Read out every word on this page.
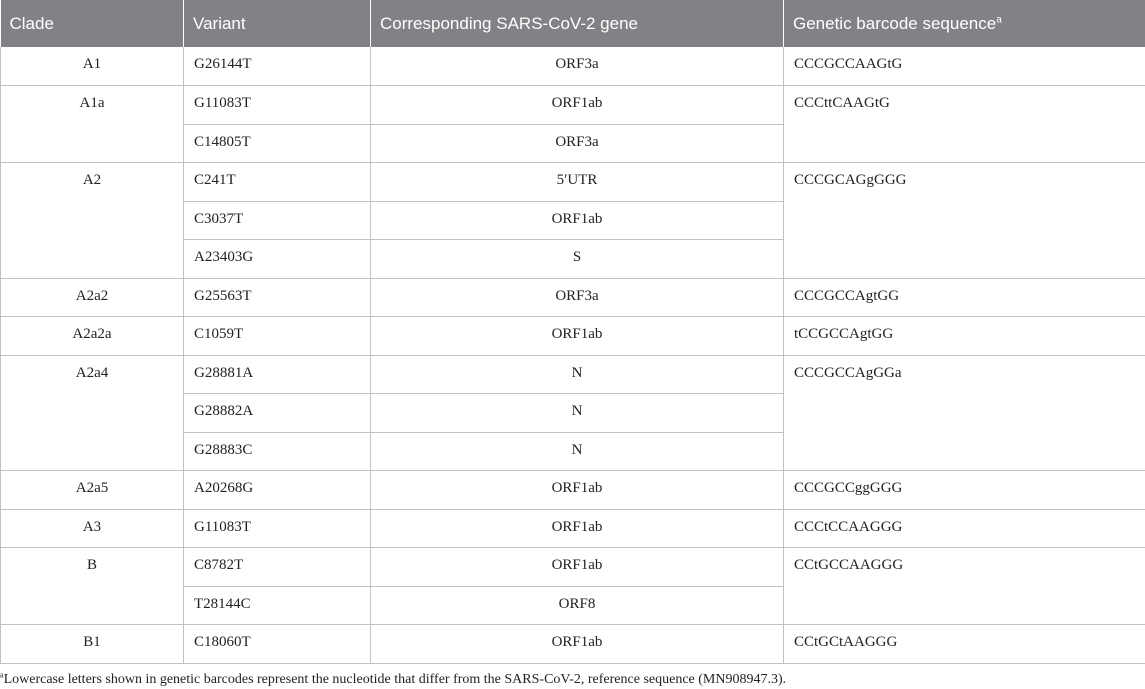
Clade	Variant	Corresponding SARS-CoV-2 gene	Genetic barcode sequence$^a$
A1	G26144T	ORF3a	CCCGCCAAGtG
A1a	G11083T	ORF1ab	CCCttCAAGtG
	C14805T	ORF3a	
A2	C241T	5′UTR	CCCGCAGgGGG
	C3037T	ORF1ab	
	A23403G	S	
A2a2	G25563T	ORF3a	CCCGCCAgtGG
A2a2a	C1059T	ORF1ab	tCCGCCAgtGG
A2a4	G28881A	N	CCCGCCAgGGa
	G28882A	N	
	G28883C	N	
A2a5	A20268G	ORF1ab	CCCGCCggGGG
A3	G11083T	ORF1ab	CCCtCCAAGGG
B	C8782T	ORF1ab	CCtGCCAAGGG
	T28144C	ORF8	
B1	C18060T	ORF1ab	CCtGCtAAGGG
$^a$Lowercase letters shown in genetic barcodes represent the nucleotide that differ from the SARS-CoV-2, reference sequence (MN908947.3).
